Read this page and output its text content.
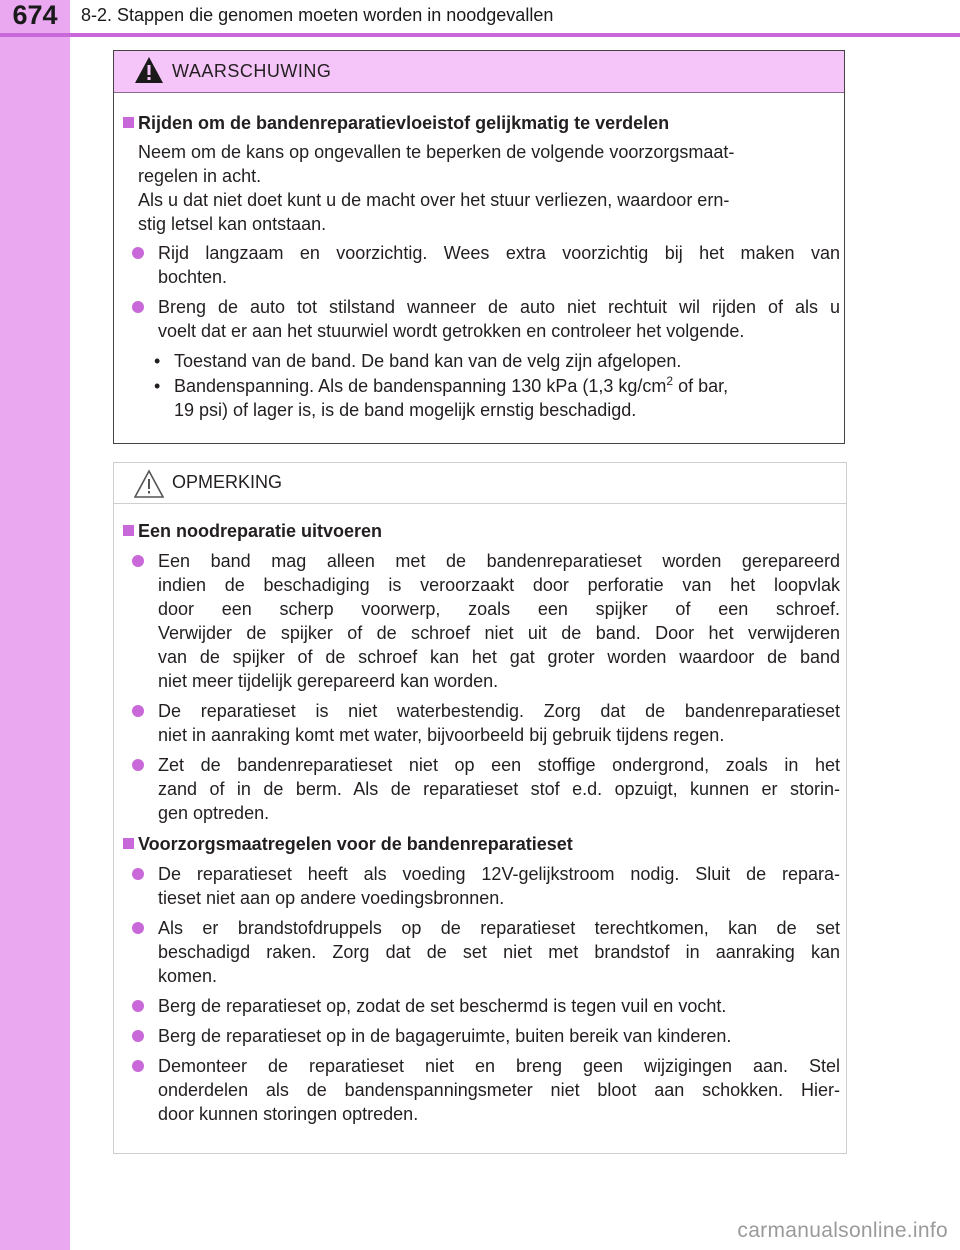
674	8-2. Stappen die genomen moeten worden in noodgevallen
WAARSCHUWING
Rijden om de bandenreparatievloeistof gelijkmatig te verdelen
Neem om de kans op ongevallen te beperken de volgende voorzorgsmaat-
regelen in acht.
Als u dat niet doet kunt u de macht over het stuur verliezen, waardoor ern-
stig letsel kan ontstaan.
Rijd langzaam en voorzichtig. Wees extra voorzichtig bij het maken van
bochten.
Breng de auto tot stilstand wanneer de auto niet rechtuit wil rijden of als u
voelt dat er aan het stuurwiel wordt getrokken en controleer het volgende.
• Toestand van de band. De band kan van de velg zijn afgelopen.
• Bandenspanning. Als de bandenspanning 130 kPa (1,3 $kg/cm^2$ of bar,
19 psi) of lager is, is de band mogelijk ernstig beschadigd.
OPMERKING
Een noodreparatie uitvoeren
Een band mag alleen met de bandenreparatieset worden gerepareerd
indien de beschadiging is veroorzaakt door perforatie van het loopvlak
door een scherp voorwerp, zoals een spijker of een schroef.
Verwijder de spijker of de schroef niet uit de band. Door het verwijderen
van de spijker of de schroef kan het gat groter worden waardoor de band
niet meer tijdelijk gerepareerd kan worden.
De reparatieset is niet waterbestendig. Zorg dat de bandenreparatieset
niet in aanraking komt met water, bijvoorbeeld bij gebruik tijdens regen.
Zet de bandenreparatieset niet op een stoffige ondergrond, zoals in het
zand of in de berm. Als de reparatieset stof e.d. opzuigt, kunnen er storin-
gen optreden.
Voorzorgsmaatregelen voor de bandenreparatieset
De reparatieset heeft als voeding 12V-gelijkstroom nodig. Sluit de repara-
tieset niet aan op andere voedingsbronnen.
Als er brandstofdruppels op de reparatieset terechtkomen, kan de set
beschadigd raken. Zorg dat de set niet met brandstof in aanraking kan
komen.
Berg de reparatieset op, zodat de set beschermd is tegen vuil en vocht.
Berg de reparatieset op in de bagageruimte, buiten bereik van kinderen.
Demonteer de reparatieset niet en breng geen wijzigingen aan. Stel
onderdelen als de bandenspanningsmeter niet bloot aan schokken. Hier-
door kunnen storingen optreden.
carmanualsonline.info
